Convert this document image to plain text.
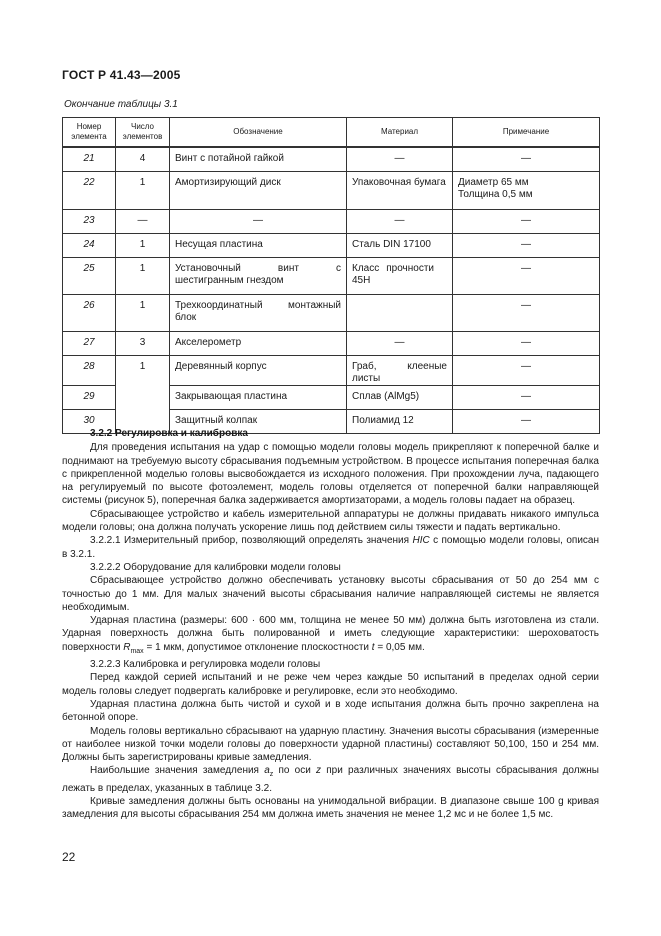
ГОСТ Р 41.43—2005
Окончание таблицы 3.1
Номер элемента	Число элементов	Обозначение	Материал	Примечание
21	4	Винт с потайной гайкой	—	—
22	1	Амортизирующий диск	Упаковочная бумага	Диаметр 65 мм Толщина 0,5 мм

23	—	—	—	—
24	1	Несущая пластина	Сталь DIN 17100	—
25	1	Установочный винт с шестигранным гнездом	Класс прочности 45Н	—
26	1	Трехкоординатный монтажный блок		—
27	3	Акселерометр	—	—
28	1	Деревянный корпус	Граб, клееные листы	—
29		Закрывающая пластина	Сплав (AlMg5)	—
30		Защитный колпак	Полиамид 12	—

3.2.2 Регулировка и калибровка

Для проведения испытания на удар с помощью модели головы модель прикрепляют к поперечной балке и поднимают на требуемую высоту сбрасывания подъемным устройством. В процессе испытания поперечная балка с прикрепленной моделью головы высвобождается из исходного положения. При прохождении луча, падающего на регулируемый по высоте фотоэлемент, модель головы отделяется от поперечной балки направляющей системы (рисунок 5), поперечная балка задерживается амортизаторами, а модель головы падает на образец.

Сбрасывающее устройство и кабель измерительной аппаратуры не должны придавать никакого импульса модели головы; она должна получать ускорение лишь под действием силы тяжести и падать вертикально.

3.2.2.1 Измерительный прибор, позволяющий определять значения HIC с помощью модели головы, описан в 3.2.1.

3.2.2.2 Оборудование для калибровки модели головы

Сбрасывающее устройство должно обеспечивать установку высоты сбрасывания от 50 до 254 мм с точностью до 1 мм. Для малых значений высоты сбрасывания наличие направляющей системы не является необходимым.

Ударная пластина (размеры: 600 · 600 мм, толщина не менее 50 мм) должна быть изготовлена из стали. Ударная поверхность должна быть полированной и иметь следующие характеристики: шероховатость поверхности $R_{max} = 1$ мкм, допустимое отклонение плоскостности t = 0,05 мм.

3.2.2.3 Калибровка и регулировка модели головы

Перед каждой серией испытаний и не реже чем через каждые 50 испытаний в пределах одной серии модель головы следует подвергать калибровке и регулировке, если это необходимо.

Ударная пластина должна быть чистой и сухой и в ходе испытания должна быть прочно закреплена на бетонной опоре.

Модель головы вертикально сбрасывают на ударную пластину. Значения высоты сбрасывания (измеренные от наиболее низкой точки модели головы до поверхности ударной пластины) составляют 50,100, 150 и 254 мм. Должны быть зарегистрированы кривые замедления.

Наибольшие значения замедления $a_z$ по оси z при различных значениях высоты сбрасывания должны лежать в пределах, указанных в таблице 3.2.

Кривые замедления должны быть основаны на унимодальной вибрации. В диапазоне свыше 100 g кривая замедления для высоты сбрасывания 254 мм должна иметь значения не менее 1,2 мс и не более 1,5 мс.

22
